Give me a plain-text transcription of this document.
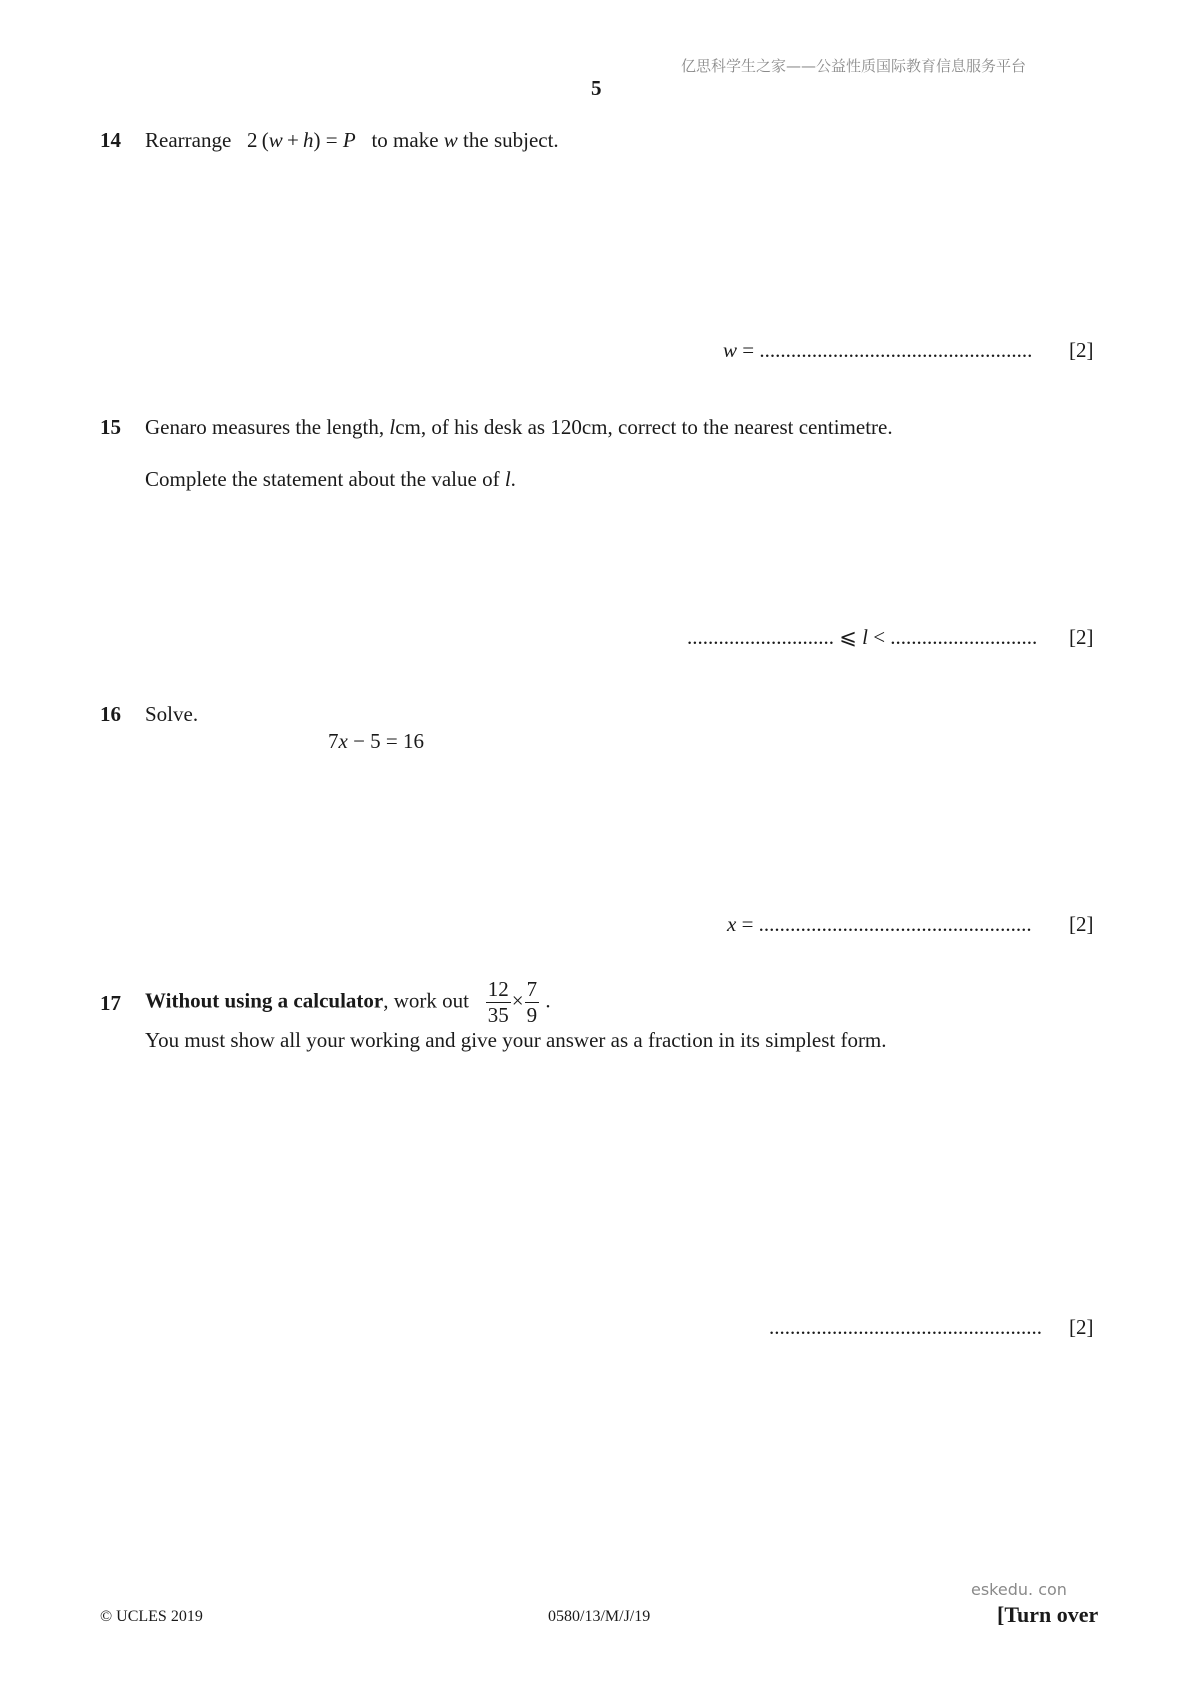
亿思科学生之家——公益性质国际教育信息服务平台
5
14 Rearrange 2  (w  +  h) = P to make w the subject.
w = .................................................... [2]
15 Genaro measures the length, lcm, of his desk as 120cm, correct to the nearest centimetre.
Complete the statement about the value of l.
............................ ⩽ l < ............................ [2]
16 Solve.
7x − 5 = 16
x = .................................................... [2]
17 Without using a calculator, work out $\frac{12}{35} \times \frac{7}{9}$ .
You must show all your working and give your answer as a fraction in its simplest form.
.................................................... [2]
eskedu. con
© UCLES 2019	0580/13/M/J/19	[Turn over
